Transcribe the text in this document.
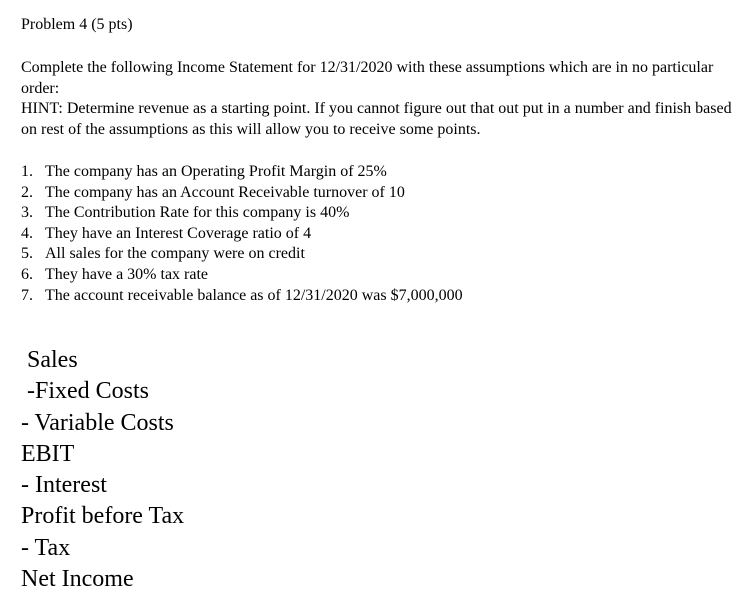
Problem 4 (5 pts)

Complete the following Income Statement for 12/31/2020 with these assumptions which are in no particular order:

HINT: Determine revenue as a starting point. If you cannot figure out that out put in a number and finish based on rest of the assumptions as this will allow you to receive some points.

1. The company has an Operating Profit Margin of 25%
2. The company has an Account Receivable turnover of 10
3. The Contribution Rate for this company is 40%
4. They have an Interest Coverage ratio of 4
5. All sales for the company were on credit
6. They have a 30% tax rate
7. The account receivable balance as of 12/31/2020 was $7,000,000
Sales
-Fixed Costs
- Variable Costs
EBIT
- Interest
Profit before Tax
- Tax
Net Income
